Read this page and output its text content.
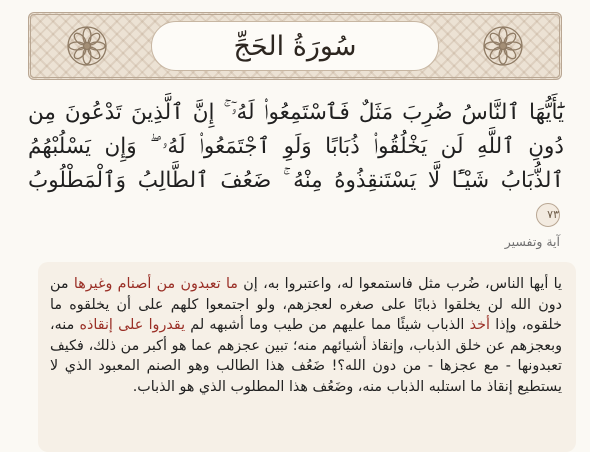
سُورَةُ الحَجِّ
يَٰٓأَيُّهَا ٱلنَّاسُ ضُرِبَ مَثَلٌ فَٱسْتَمِعُوا۟ لَهُۥٓ ۚ إِنَّ ٱلَّذِينَ تَدْعُونَ مِن دُونِ ٱللَّهِ لَن يَخْلُقُوا۟ ذُبَابًا وَلَوِ ٱجْتَمَعُوا۟ لَهُۥ ۖ وَإِن يَسْلُبْهُمُ ٱلذُّبَابُ شَيْـًٔا لَّا يَسْتَنقِذُوهُ مِنْهُ ۚ ضَعُفَ ٱلطَّالِبُ وَٱلْمَطْلُوبُ ٧٣
آية وتفسير
يا أيها الناس، ضُرب مثل فاستمعوا له، واعتبروا به، إن ما تعبدون من أصنام وغيرها من دون الله لن يخلقوا ذبابًا على صغره لعجزهم، ولو اجتمعوا كلهم على أن يخلقوه ما خلقوه، وإذا أخذ الذباب شيئًا مما عليهم من طيب وما أشبهه لم يقدروا على إنقاذه منه، وبعجزهم عن خلق الذباب، وإنقاذ أشيائهم منه؛ تبين عجزهم عما هو أكبر من ذلك، فكيف تعبدونها - مع عجزها - من دون الله؟! ضَعُف هذا الطالب وهو الصنم المعبود الذي لا يستطيع إنقاذ ما استلبه الذباب منه، وضَعُف هذا المطلوب الذي هو الذباب.
